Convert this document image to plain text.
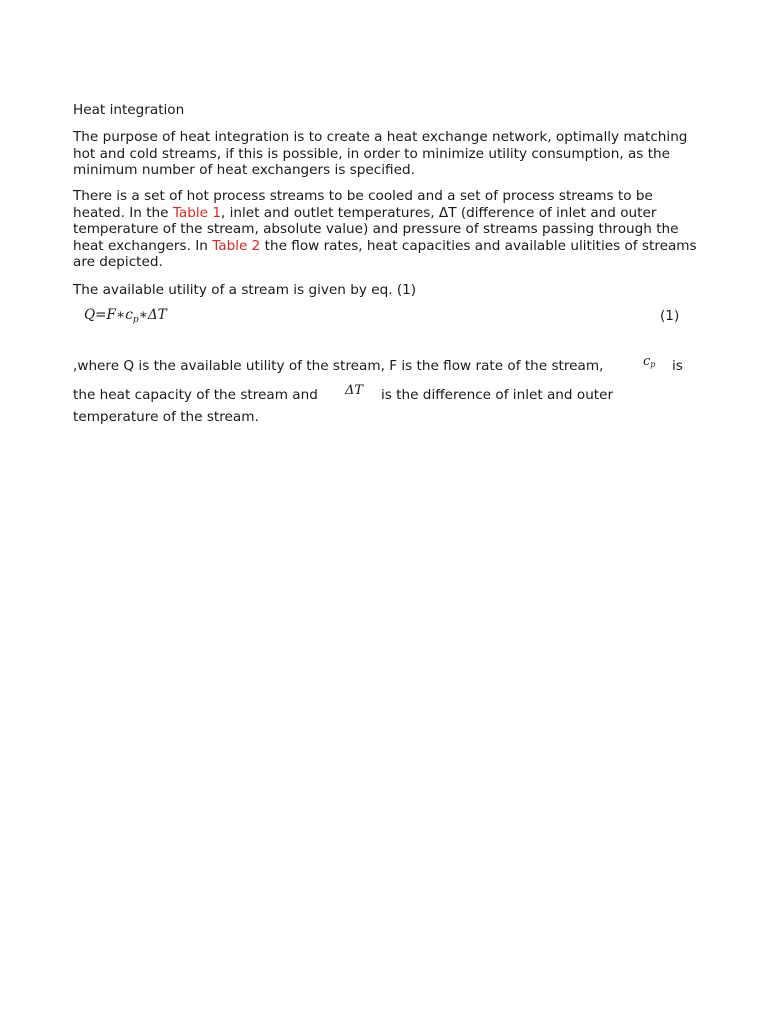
Heat integration

The purpose of heat integration is to create a heat exchange network, optimally matching hot and cold streams, if this is possible, in order to minimize utility consumption, as the minimum number of heat exchangers is specified.

There is a set of hot process streams to be cooled and a set of process streams to be heated. In the Table 1, inlet and outlet temperatures, ΔT (difference of inlet and outer temperature of the stream, absolute value) and pressure of streams passing through the heat exchangers. In Table 2 the flow rates, heat capacities and available ulitities of streams are depicted.

The available utility of a stream is given by eq. (1)

$Q=F∗c_p∗\Delta T$	(1)
,where Q is the available utility of the stream, F is the flow rate of the stream,	$c_p$ is
the heat capacity of the stream and ΔT is the difference of inlet and outer
temperature of the stream.
